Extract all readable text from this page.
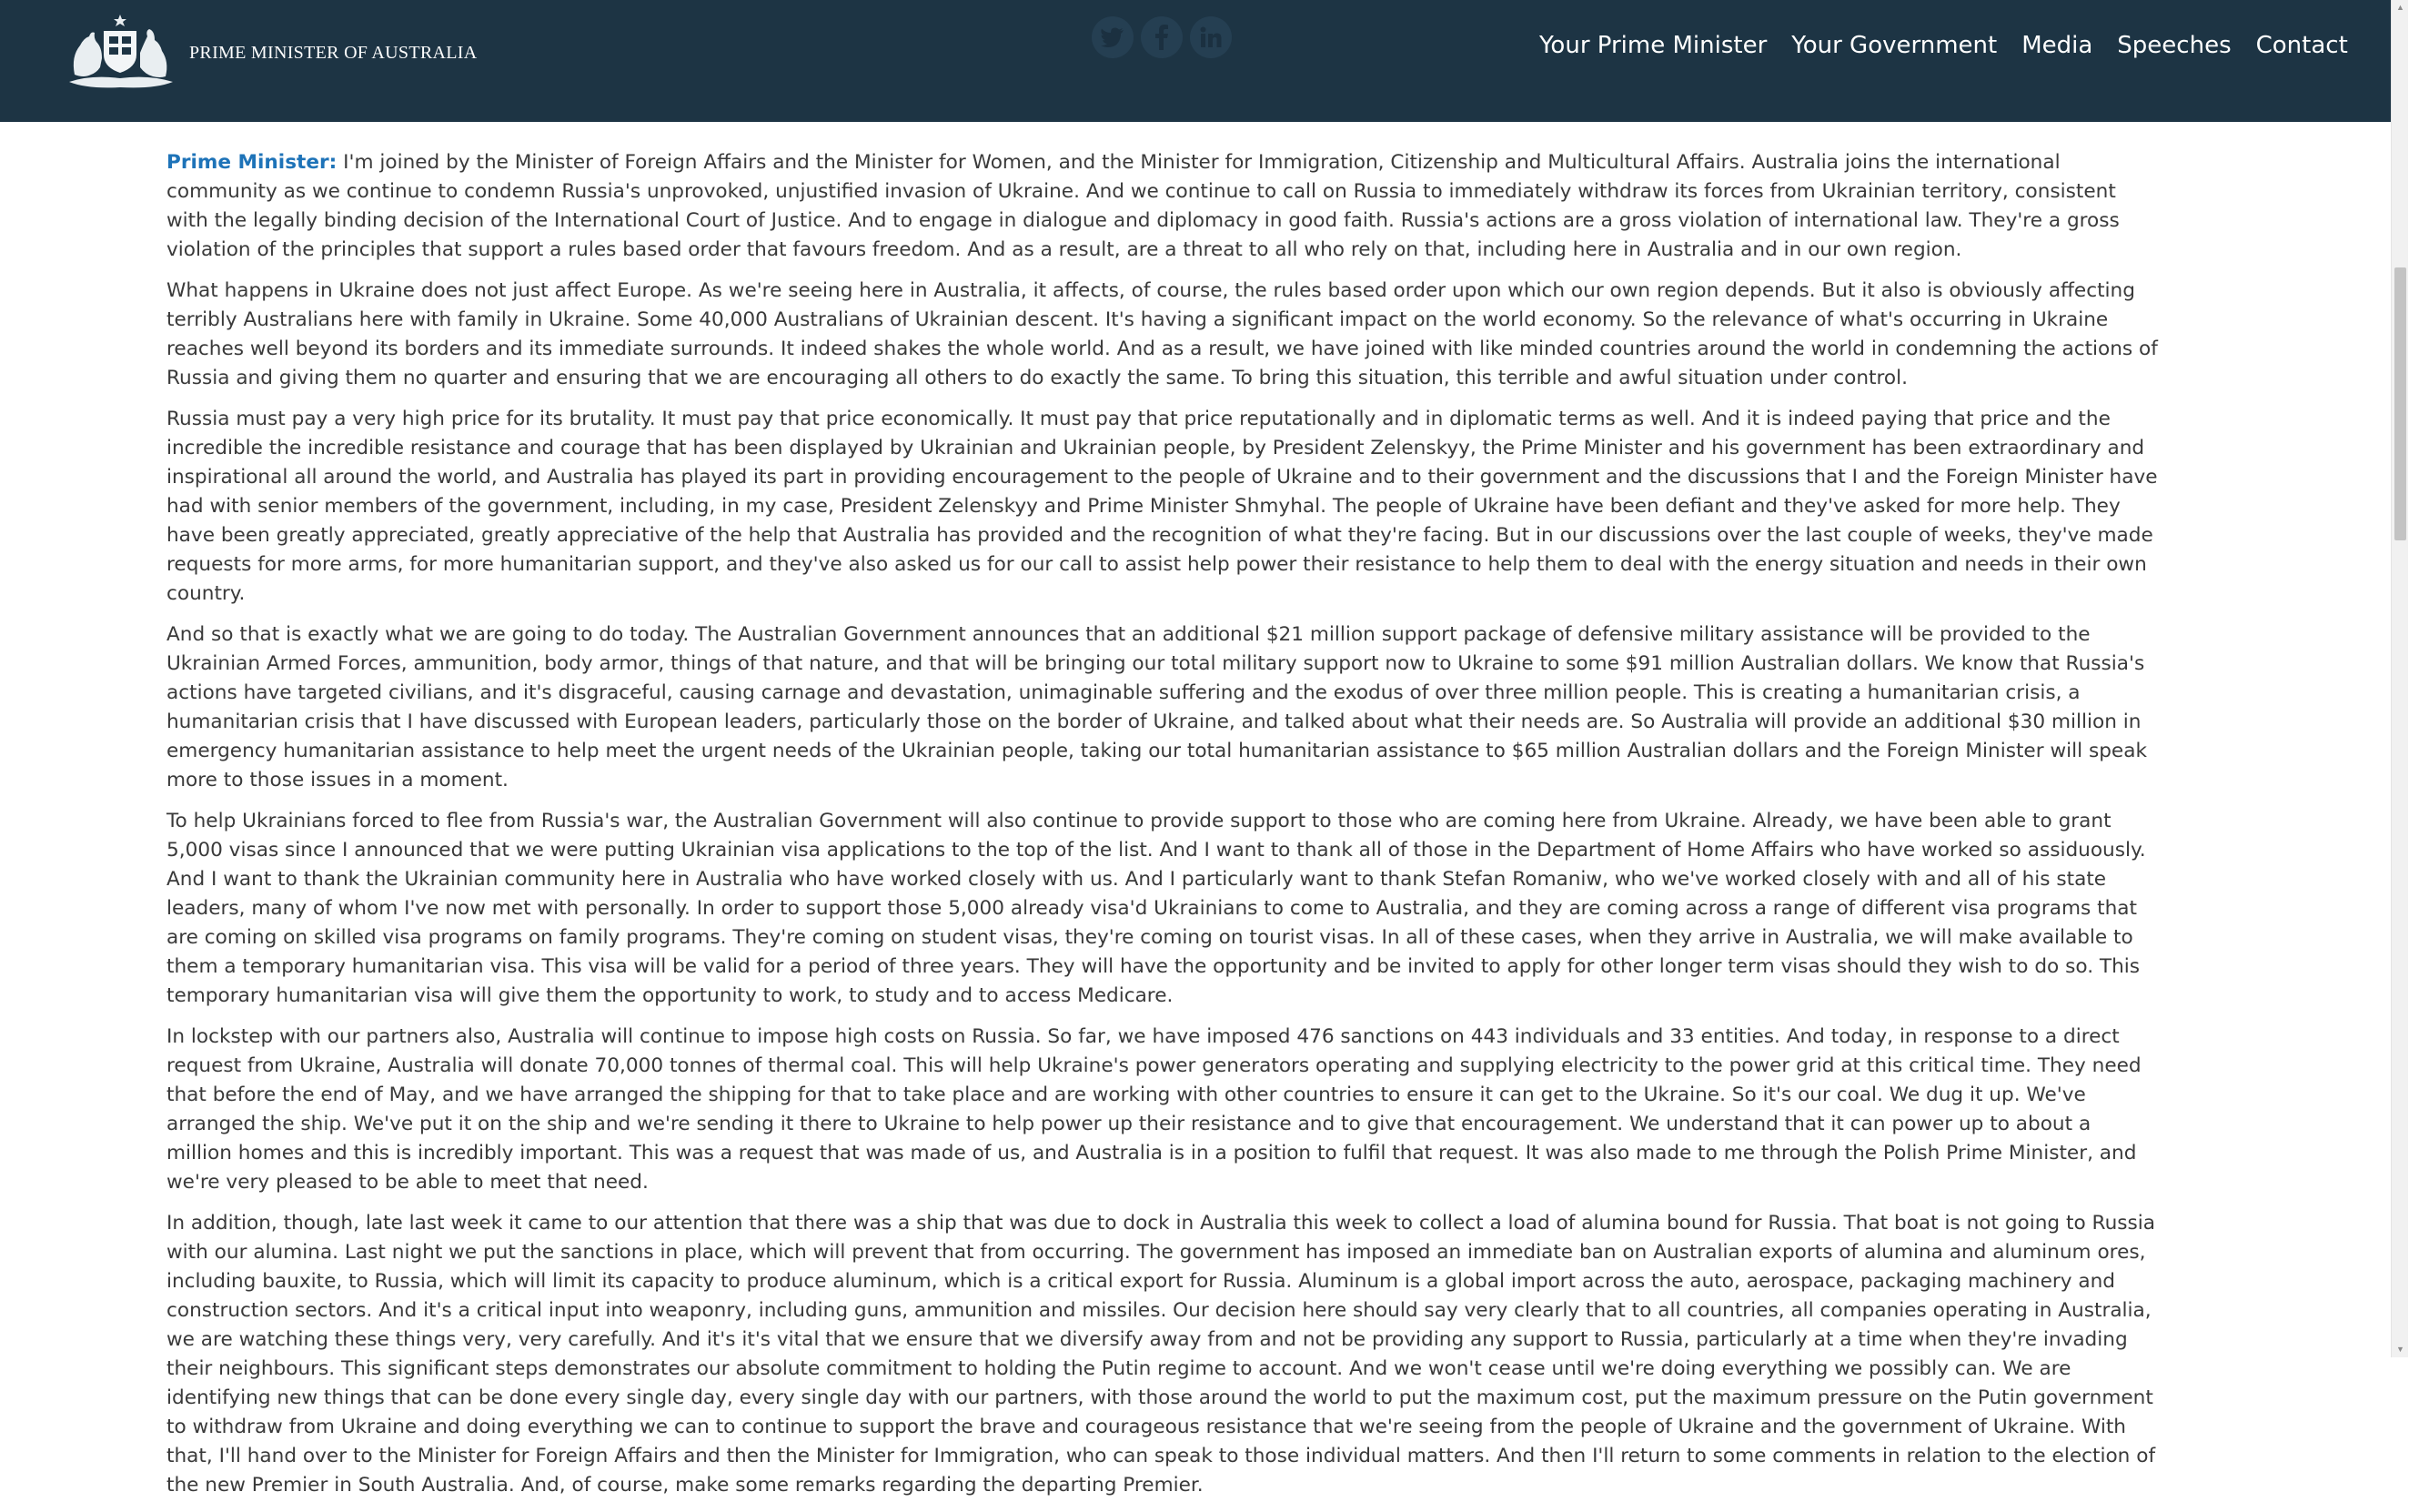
PRIME MINISTER OF AUSTRALIA	Your Prime Minister Your Government Media Speeches Contact

Prime Minister: I'm joined by the Minister of Foreign Affairs and the Minister for Women, and the Minister for Immigration, Citizenship and Multicultural Affairs. Australia joins the international community as we continue to condemn Russia's unprovoked, unjustified invasion of Ukraine. And we continue to call on Russia to immediately withdraw its forces from Ukrainian territory, consistent with the legally binding decision of the International Court of Justice. And to engage in dialogue and diplomacy in good faith. Russia's actions are a gross violation of international law. They're a gross violation of the principles that support a rules based order that favours freedom. And as a result, are a threat to all who rely on that, including here in Australia and in our own region.

What happens in Ukraine does not just affect Europe. As we're seeing here in Australia, it affects, of course, the rules based order upon which our own region depends. But it also is obviously affecting terribly Australians here with family in Ukraine. Some 40,000 Australians of Ukrainian descent. It's having a significant impact on the world economy. So the relevance of what's occurring in Ukraine reaches well beyond its borders and its immediate surrounds. It indeed shakes the whole world. And as a result, we have joined with like minded countries around the world in condemning the actions of Russia and giving them no quarter and ensuring that we are encouraging all others to do exactly the same. To bring this situation, this terrible and awful situation under control.

Russia must pay a very high price for its brutality. It must pay that price economically. It must pay that price reputationally and in diplomatic terms as well. And it is indeed paying that price and the incredible the incredible resistance and courage that has been displayed by Ukrainian and Ukrainian people, by President Zelenskyy, the Prime Minister and his government has been extraordinary and inspirational all around the world, and Australia has played its part in providing encouragement to the people of Ukraine and to their government and the discussions that I and the Foreign Minister have had with senior members of the government, including, in my case, President Zelenskyy and Prime Minister Shmyhal. The people of Ukraine have been defiant and they've asked for more help. They have been greatly appreciated, greatly appreciative of the help that Australia has provided and the recognition of what they're facing. But in our discussions over the last couple of weeks, they've made requests for more arms, for more humanitarian support, and they've also asked us for our call to assist help power their resistance to help them to deal with the energy situation and needs in their own country.

And so that is exactly what we are going to do today. The Australian Government announces that an additional $21 million support package of defensive military assistance will be provided to the Ukrainian Armed Forces, ammunition, body armor, things of that nature, and that will be bringing our total military support now to Ukraine to some $91 million Australian dollars. We know that Russia's actions have targeted civilians, and it's disgraceful, causing carnage and devastation, unimaginable suffering and the exodus of over three million people. This is creating a humanitarian crisis, a humanitarian crisis that I have discussed with European leaders, particularly those on the border of Ukraine, and talked about what their needs are. So Australia will provide an additional $30 million in emergency humanitarian assistance to help meet the urgent needs of the Ukrainian people, taking our total humanitarian assistance to $65 million Australian dollars and the Foreign Minister will speak more to those issues in a moment.

To help Ukrainians forced to flee from Russia's war, the Australian Government will also continue to provide support to those who are coming here from Ukraine. Already, we have been able to grant 5,000 visas since I announced that we were putting Ukrainian visa applications to the top of the list. And I want to thank all of those in the Department of Home Affairs who have worked so assiduously. And I want to thank the Ukrainian community here in Australia who have worked closely with us. And I particularly want to thank Stefan Romaniw, who we've worked closely with and all of his state leaders, many of whom I've now met with personally. In order to support those 5,000 already visa'd Ukrainians to come to Australia, and they are coming across a range of different visa programs that are coming on skilled visa programs on family programs. They're coming on student visas, they're coming on tourist visas. In all of these cases, when they arrive in Australia, we will make available to them a temporary humanitarian visa. This visa will be valid for a period of three years. They will have the opportunity and be invited to apply for other longer term visas should they wish to do so. This temporary humanitarian visa will give them the opportunity to work, to study and to access Medicare.

In lockstep with our partners also, Australia will continue to impose high costs on Russia. So far, we have imposed 476 sanctions on 443 individuals and 33 entities. And today, in response to a direct request from Ukraine, Australia will donate 70,000 tonnes of thermal coal. This will help Ukraine's power generators operating and supplying electricity to the power grid at this critical time. They need that before the end of May, and we have arranged the shipping for that to take place and are working with other countries to ensure it can get to the Ukraine. So it's our coal. We dug it up. We've arranged the ship. We've put it on the ship and we're sending it there to Ukraine to help power up their resistance and to give that encouragement. We understand that it can power up to about a million homes and this is incredibly important. This was a request that was made of us, and Australia is in a position to fulfil that request. It was also made to me through the Polish Prime Minister, and we're very pleased to be able to meet that need.

In addition, though, late last week it came to our attention that there was a ship that was due to dock in Australia this week to collect a load of alumina bound for Russia. That boat is not going to Russia with our alumina. Last night we put the sanctions in place, which will prevent that from occurring. The government has imposed an immediate ban on Australian exports of alumina and aluminum ores, including bauxite, to Russia, which will limit its capacity to produce aluminum, which is a critical export for Russia. Aluminum is a global import across the auto, aerospace, packaging machinery and construction sectors. And it's a critical input into weaponry, including guns, ammunition and missiles. Our decision here should say very clearly that to all countries, all companies operating in Australia, we are watching these things very, very carefully. And it's it's vital that we ensure that we diversify away from and not be providing any support to Russia, particularly at a time when they're invading their neighbours. This significant steps demonstrates our absolute commitment to holding the Putin regime to account. And we won't cease until we're doing everything we possibly can. We are identifying new things that can be done every single day, every single day with our partners, with those around the world to put the maximum cost, put the maximum pressure on the Putin government to withdraw from Ukraine and doing everything we can to continue to support the brave and courageous resistance that we're seeing from the people of Ukraine and the government of Ukraine. With that, I'll hand over to the Minister for Foreign Affairs and then the Minister for Immigration, who can speak to those individual matters. And then I'll return to some comments in relation to the election of the new Premier in South Australia. And, of course, make some remarks regarding the departing Premier.

▲
▼
